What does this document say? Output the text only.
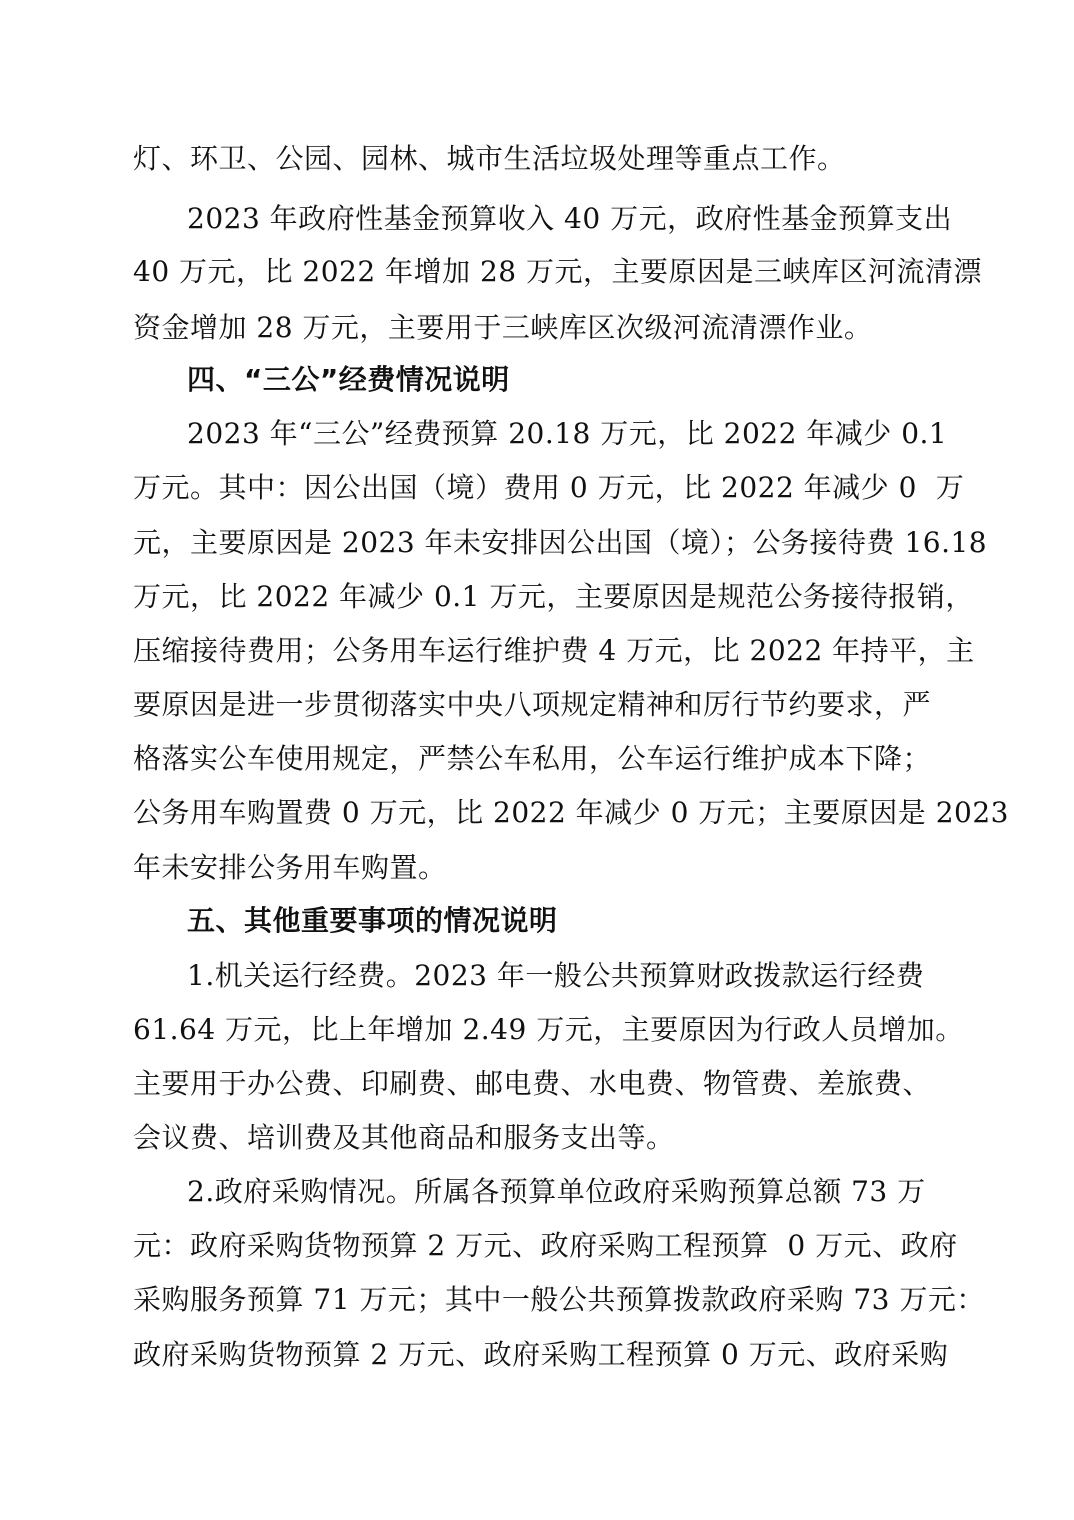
灯、环卫、公园、园林、城市生活垃圾处理等重点工作。
2023 年政府性基金预算收入 40 万元，政府性基金预算支出
40 万元，比 2022 年增加 28 万元，主要原因是三峡库区河流清漂
资金增加 28 万元，主要用于三峡库区次级河流清漂作业。
四、“三公”经费情况说明
2023 年“三公”经费预算 20.18 万元，比 2022 年减少 0.1
万元。其中：因公出国（境）费用 0 万元，比 2022 年减少 0  万
元，主要原因是 2023 年未安排因公出国（境）；公务接待费 16.18
万元，比 2022 年减少 0.1 万元，主要原因是规范公务接待报销，
压缩接待费用；公务用车运行维护费 4 万元，比 2022 年持平，主
要原因是进一步贯彻落实中央八项规定精神和厉行节约要求，严
格落实公车使用规定，严禁公车私用，公车运行维护成本下降；
公务用车购置费 0 万元，比 2022 年减少 0 万元；主要原因是 2023
年未安排公务用车购置。
五、其他重要事项的情况说明
1.机关运行经费。2023 年一般公共预算财政拨款运行经费
61.64 万元，比上年增加 2.49 万元，主要原因为行政人员增加。
主要用于办公费、印刷费、邮电费、水电费、物管费、差旅费、
会议费、培训费及其他商品和服务支出等。
2.政府采购情况。所属各预算单位政府采购预算总额 73 万
元：政府采购货物预算 2 万元、政府采购工程预算  0 万元、政府
采购服务预算 71 万元；其中一般公共预算拨款政府采购 73 万元：
政府采购货物预算 2 万元、政府采购工程预算 0 万元、政府采购
